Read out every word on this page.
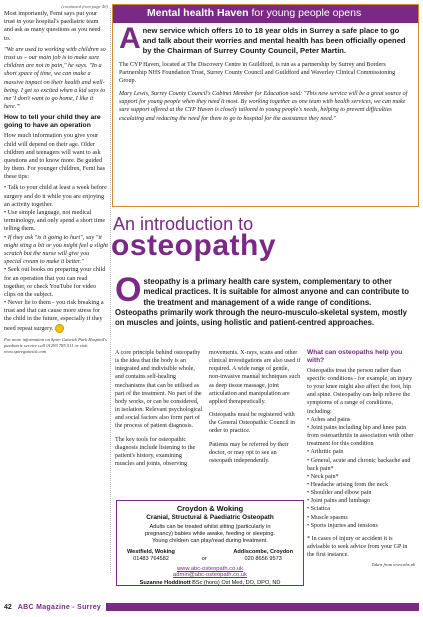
(continued from page 40)

Most importantly, Femi says put your trust in your hospital's paediatric team and ask as many questions as you need to.

"We are used to working with children so trust us – our main job is to make sure children are not in pain," he says. "In a short space of time, we can make a massive impact on their health and well-being. I get so excited when a kid says to me 'I don't want to go home, I like it here.'"

How to tell your child they are going to have an operation

How much information you give your child will depend on their age. Older children and teenagers will want to ask questions and to know more. Be guided by them. For younger children, Femi has these tips:

• Talk to your child at least a week before surgery and do it while you are enjoying an activity together.
• Use simple language, not medical terminology, and only spend a short time telling them.
• If they ask "is it going to hurt", say "it might sting a bit or you might feel a slight scratch but the nurse will give you special cream to make it better."
• Seek out books on preparing your child for an operation that you can read together, or check YouTube for video clips on the subject.
• Never lie to them - you risk breaking a trust and that can cause more stress for the child in the future, especially if they need repeat surgery.
For more information on Spire Gatwick Park Hospital's paediatric service call 01293 785 511 or visit www.spiregatwick.com
Mental health Haven for young people opens
Anew service which offers 10 to 18 year olds in Surrey a safe place to go and talk about their worries and mental health has been officially opened by the Chairman of Surrey County Council, Peter Martin.

The CYP Haven, located at The Discovery Centre in Guildford, is run as a partnership by Surrey and Borders Partnership NHS Foundation Trust, Surrey County Council and Guildford and Waverley Clinical Commissioning Group.

Mary Lewis, Surrey County Council's Cabinet Member for Education said: "This new service will be a great source of support for young people when they need it most. By working together as one team with health services, we can make sure support offered at the CYP Haven is closely tailored to young people's needs, helping to prevent difficulties escalating and reducing the need for them to go to hospital for the assistance they need."

An introduction to
osteopathy
Osteopathy is a primary health care system, complementary to other medical practices. It is suitable for almost anyone and can contribute to the treatment and management of a wide range of conditions. Osteopaths primarily work through the neuro-musculo-skeletal system, mostly on muscles and joints, using holistic and patient-centred approaches.

A core principle behind osteopathy is the idea that the body is an integrated and indivisible whole, and contains self-healing mechanisms that can be utilised as part of the treatment. No part of the body works, or can be considered, in isolation. Relevant psychological and social factors also form part of the process of patient diagnosis.

The key tools for osteopathic diagnosis include listening to the patient's history, examining muscles and joints, observing

movements. X-rays, scans and other clinical investigations are also used if required. A wide range of gentle, non-invasive manual techniques such as deep tissue massage, joint articulation and manipulation are applied therapeutically.

Osteopaths must be registered with the General Osteopathic Council in order to practice.

Patients may be referred by their doctor, or may opt to see an osteopath independently.

What can osteopaths help you with?

Osteopaths treat the person rather than specific conditions - for example, an injury to your knee might also affect the foot, hip and spine. Osteopathy can help relieve the symptoms of a range of conditions, including:

• Aches and pains
• Joint pains including hip and knee pain from osteoarthritis in association with other treatment for this condition
• Arthritic pain
• General, acute and chronic backache and back pain*
• Neck pain*
• Headache arising from the neck
• Shoulder and elbow pain
• Joint pains and lumbago
• Sciatica
• Muscle spasms
• Sports injuries and tensions

* In cases of injury or accident it is advisable to seek advice from your GP in the first instance.

Taken from www.nhs.uk
Croydon & Woking
Cranial, Structural & Paediatric Osteopath
Adults can be treated whilst sitting (particularly in
pregnancy) babies while awake, feeding or sleeping.
Young children can play/read during treatment.
Westfield, Woking
01483 764582	or
Addiscombe, Croydon
020 8656 9573
www.abc-osteopath.co.uk
admin@abc-osteopath.co.uk
Suzanne Hoddinott BSc (hons) Ost Med, DO, DPO, ND
42 ABC Magazine - Surrey
